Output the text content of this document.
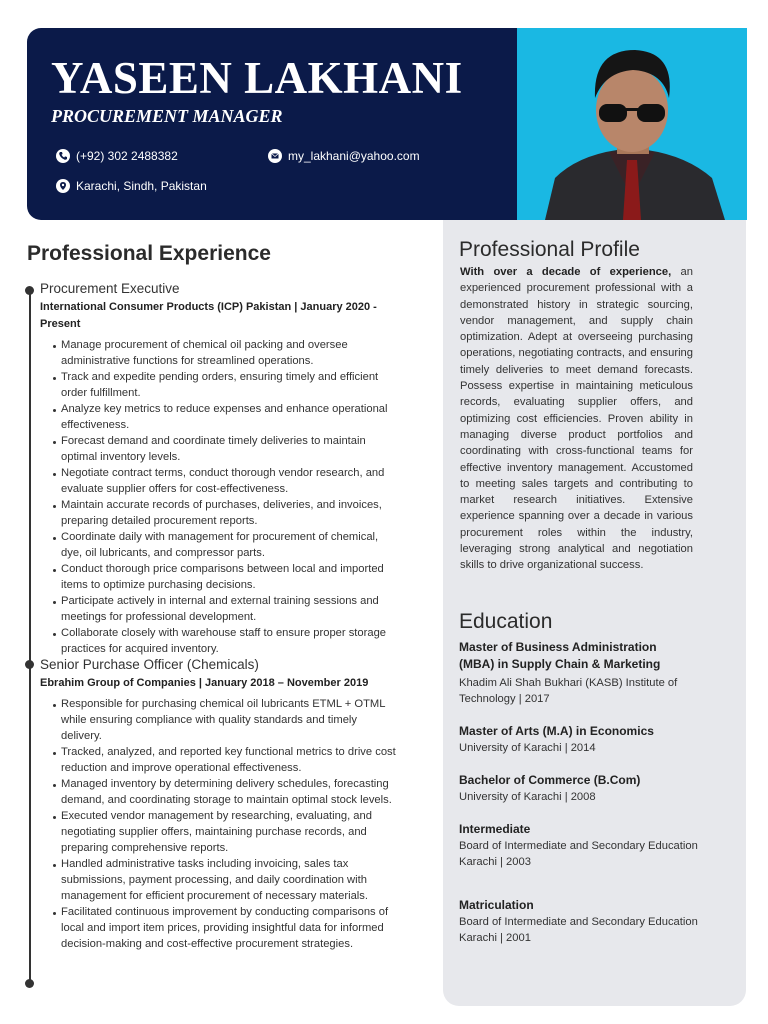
YASEEN LAKHANI
PROCUREMENT MANAGER
(+92) 302 2488382	my_lakhani@yahoo.com
Karachi, Sindh, Pakistan
Professional Profile
With over a decade of experience, an experienced procurement professional with a demonstrated history in strategic sourcing, vendor management, and supply chain optimization. Adept at overseeing purchasing operations, negotiating contracts, and ensuring timely deliveries to meet demand forecasts. Possess expertise in maintaining meticulous records, evaluating supplier offers, and optimizing cost efficiencies. Proven ability in managing diverse product portfolios and coordinating with cross-functional teams for effective inventory management. Accustomed to meeting sales targets and contributing to market research initiatives. Extensive experience spanning over a decade in various procurement roles within the industry, leveraging strong analytical and negotiation skills to drive organizational success.
Education
Master of Business Administration (MBA) in Supply Chain & Marketing
Khadim Ali Shah Bukhari (KASB) Institute of Technology | 2017
Master of Arts (M.A) in Economics
University of Karachi | 2014
Bachelor of Commerce (B.Com)
University of Karachi | 2008
Intermediate
Board of Intermediate and Secondary Education Karachi | 2003
Matriculation
Board of Intermediate and Secondary Education Karachi | 2001
Professional Experience
Procurement Executive
International Consumer Products (ICP) Pakistan | January 2020 - Present
Manage procurement of chemical oil packing and oversee administrative functions for streamlined operations.
Track and expedite pending orders, ensuring timely and efficient order fulfillment.
Analyze key metrics to reduce expenses and enhance operational effectiveness.
Forecast demand and coordinate timely deliveries to maintain optimal inventory levels.
Negotiate contract terms, conduct thorough vendor research, and evaluate supplier offers for cost-effectiveness.
Maintain accurate records of purchases, deliveries, and invoices, preparing detailed procurement reports.
Coordinate daily with management for procurement of chemical, dye, oil lubricants, and compressor parts.
Conduct thorough price comparisons between local and imported items to optimize purchasing decisions.
Participate actively in internal and external training sessions and meetings for professional development.
Collaborate closely with warehouse staff to ensure proper storage practices for acquired inventory.
Senior Purchase Officer (Chemicals)
Ebrahim Group of Companies | January 2018 – November 2019
Responsible for purchasing chemical oil lubricants ETML + OTML while ensuring compliance with quality standards and timely delivery.
Tracked, analyzed, and reported key functional metrics to drive cost reduction and improve operational effectiveness.
Managed inventory by determining delivery schedules, forecasting demand, and coordinating storage to maintain optimal stock levels.
Executed vendor management by researching, evaluating, and negotiating supplier offers, maintaining purchase records, and preparing comprehensive reports.
Handled administrative tasks including invoicing, sales tax submissions, payment processing, and daily coordination with management for efficient procurement of necessary materials.
Facilitated continuous improvement by conducting comparisons of local and import item prices, providing insightful data for informed decision-making and cost-effective procurement strategies.
